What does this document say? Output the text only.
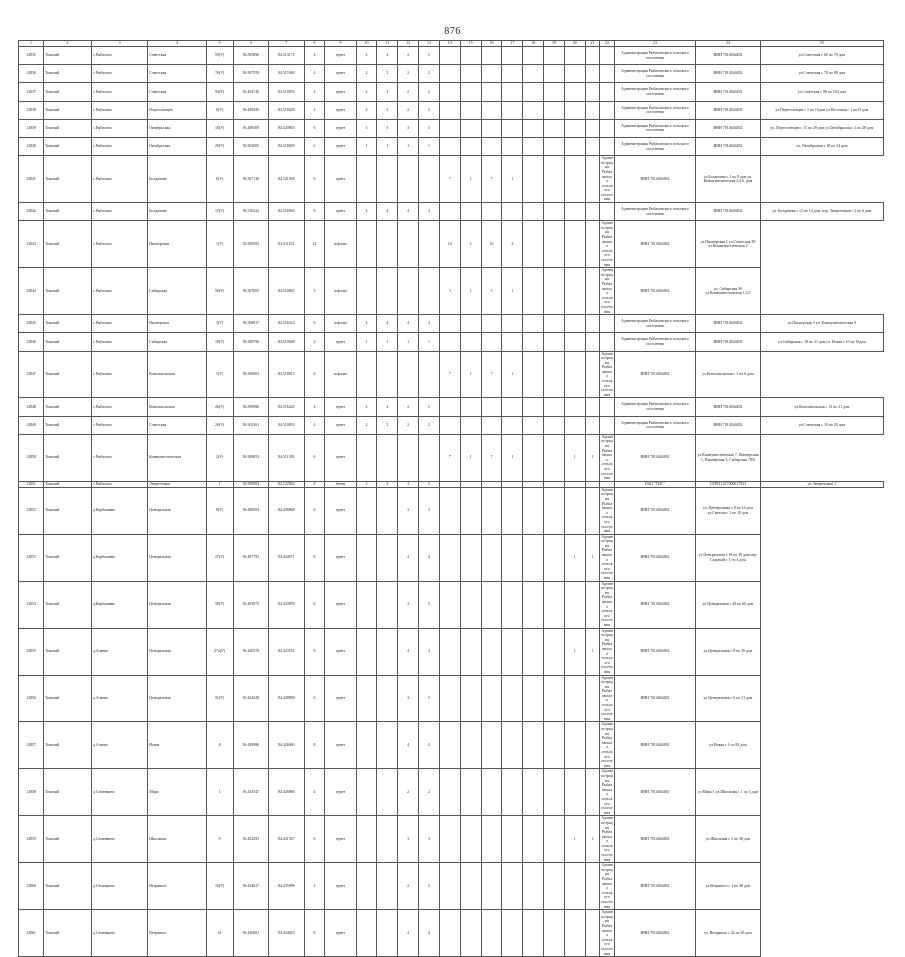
876
1	2	3	4	5	6	7	8	9	10	11	12	13	14	15	16	17	18	19	20	21	22	23	24	25
12835	Томский	с.Рыбалово	Советская	59(У)	56.505096	84.513174	4	грунт	2	2	2	2										Администрация Рыбаловского сельского поселения	ИНН 7014044492	ул.Советская с 60 по 78 дом
12836	Томский	с.Рыбалово	Советская	76(У)	56.507559	84.515369	4	грунт	2	2	2	2										Администрация Рыбаловского сельского поселения	ИНН 7014044492	ул.Советская с 70 по 88 дом
12837	Томский	с.Рыбалово	Советская	94(У)	56.494749	84.510976	4	грунт	2	2	2	2										Администрация Рыбаловского сельского поселения	ИНН 7014044492	ул.Советская с 88 по 104 дом
12838	Томский	с.Рыбалово	Переселенцев	6(У)	56.498445	84.518426	4	грунт	2	2	2	2										Администрация Рыбаловского сельского поселения	ИНН 7014044492	ул.Переселенцев с 1 по 15дом ул.Песочная с 1 по23 дом
12839	Томский	с.Рыбалово	Октябрьская	18(У)	56.498109	84.520803	6	грунт	3	3	3	3										Администрация Рыбаловского сельского поселения	ИНН 7014044492	ул. Переселенцев с 15 по 29 дом ул.Октябрьская с 1 по 28 дом
12840	Томский	с.Рыбалово	Октябрьская	29(У)	56.502005	84.518049	2	грунт	1	1	1	1										Администрация Рыбаловского сельского поселения	ИНН 7014044492	ул. Октябрьская с 28 по 34 дом
12841	Томский	с.Рыбалово	Болдичева	6(У)	56.507136	84.521929	6	грунт					7	1	7	1					Администрация Рыбаловского сельского поселения	ИНН 7014044492	ул.Болдичева с 1 по 8 дом ул. Коммунистическая 2,4,6, дом	
12842	Томский	с.Рыбалово	Болдичева	15(У)	56.510222	84.516940	8	грунт	4	4	4	4										Администрация Рыбаловского сельского поселения	ИНН 7014044492	ул. Болдичева с 12 по 14 дом, пер. Энергетиков с 2 по 6 дом
12843	Томский	с.Рыбалово	Пионерская	1(У)	56.506592	84.511101	12	асфальт					14	2	10	2					Администрация Рыбаловского сельского поселения	ИНН 7014044492	ул.Пионерская 1 ул.Советская 39 ул.Коммунистическая 2	
12844	Томский	с.Рыбалово	Сибирская	56(У)	56.507605	84.510861	3	асфальт					3	1	3	1					Администрация Рыбаловского сельского поселения	ИНН 7014044492	ул. Сибирская 56 ул.Коммунистическая 1,3,5	
12845	Томский	с.Рыбалово	Пионерская	3(У)	56.508917	84.516210	6	асфальт	4	4	4	4										Администрация Рыбаловского сельского поселения	ИНН 7014044492	ул.Пионерская 3 ул. Коммунистическая 9
12846	Томский	с.Рыбалово	Сибирская	18(У)	56.508796	84.510948	2	грунт	1	1	1	1										Администрация Рыбаловского сельского поселения	ИНН 7014044492	ул.Сибирская с 10 по 21 дом,ул. Новая с 10 по 16дом
12847	Томский	с.Рыбалово	Комсомольская	1(У)	56.506002	84.518813	6	асфальт					7	1	7	1					Администрация Рыбаловского сельского поселения	ИНН 7014044492	ул.Комсомольская с 1 по 6 дом	
12848	Томский	с.Рыбалово	Комсомольская	26(У)	56.508986	84.516220	4	грунт	2	2	2	2										Администрация Рыбаловского сельского поселения	ИНН 7014044492	ул.Комсомольская с 13 по 21 дом
12849	Томский	с.Рыбалово	Советская	26(У)	56.502361	84.510833	4	грунт	2	2	2	2										Администрация Рыбаловского сельского поселения	ИНН 7014044492	ул.Советская с 10 по 29 дом
12850	Томский	с.Рыбалово	Коммунистическая	2(У)	56.508053	84.511391	6	грунт					7	1	7	1			1	1	Администрация Рыбаловского сельского поселения	ИНН 7014044492	ул.Коммунистическая 7, Пионерская 1, Пионерская 3, Сибирская 78/6	
12851	Томский	с.Рыбалово	Энергетиков	1	56.509084	84.522864	6	бетон	3	3	3	3										ПАО "ТНС"	ОГРН 1027000617933	ул.Энергетиков 1
12852	Томский	д.Карбышево	Центральная	8(У)	56.498394	84.458868	6	грунт			3	3									Администрация Рыбаловского сельского поселения	ИНН 7014044492	ул. Центральная с 8 по 16 дом ул.Светлая с 1 по 10 дом	
12853	Томский	д.Карбышево	Центральная	27(У)	56.497793	84.454071	8	грунт			4	4							1	1	Администрация Рыбаловского сельского поселения	ИНН 7014044492	ул Центральная с 18 по 39 дом пер. Садовый с 1 по 4 дом	
12854	Томский	д.Карбышево	Центральная	58(У)	56.495975	84.443878	6	грунт			3	3									Администрация Рыбаловского сельского поселения	ИНН 7014044492	ул Центральная с 40 по 60 дом	
12855	Томский	д.Алаево	Центральная	27а(У)	56.440570	84.423551	8	грунт			4	4							1	1	Администрация Рыбаловского сельского поселения	ИНН 7014044492	ул.Центральная с 8 по 30 дом	
12856	Томский	д.Алаево	Центральная	51(У)	56.434228	84.428890	6	грунт			3	3									Администрация Рыбаловского сельского поселения	ИНН 7014044492	ул.Центральная с 6 по 51 дом	
12857	Томский	д.Алаево	Новая	8	56.438986	84.428460	8	грунт			4	4									Администрация Рыбаловского сельского поселения	ИНН 7014044492	ул.Новая с 1 по 82 дом	
12858	Томский	д.Семенкино	Мира	1	56.435547	84.426860	4	грунт			2	2									Администрация Рыбаловского сельского поселения	ИНН 7014044492	ул.Мира 1 ул.Школьная с 1 по 3 дом	
12859	Томский	д.Семенкино	Школьная	9	56.432293	84.431547	6	грунт			3	3							1	1	Администрация Рыбаловского сельского поселения	ИНН 7014044492	ул.Школьная с 3 по 38 дом	
12860	Томский	д.Семенкино	Ветряного	16(У)	56.434627	84.435998	4	грунт			2	2									Администрация Рыбаловского сельского поселения	ИНН 7014044492	ул.Ветряного с 1 по 30 дом	
12861	Томский	д.Семенкино	Ветряного	41	56.436061	84.434023	8	грунт			4	4									Администрация Рыбаловского сельского поселения	ИНН 7014044492	ул. Ветряного с 32 по 65 дом	
